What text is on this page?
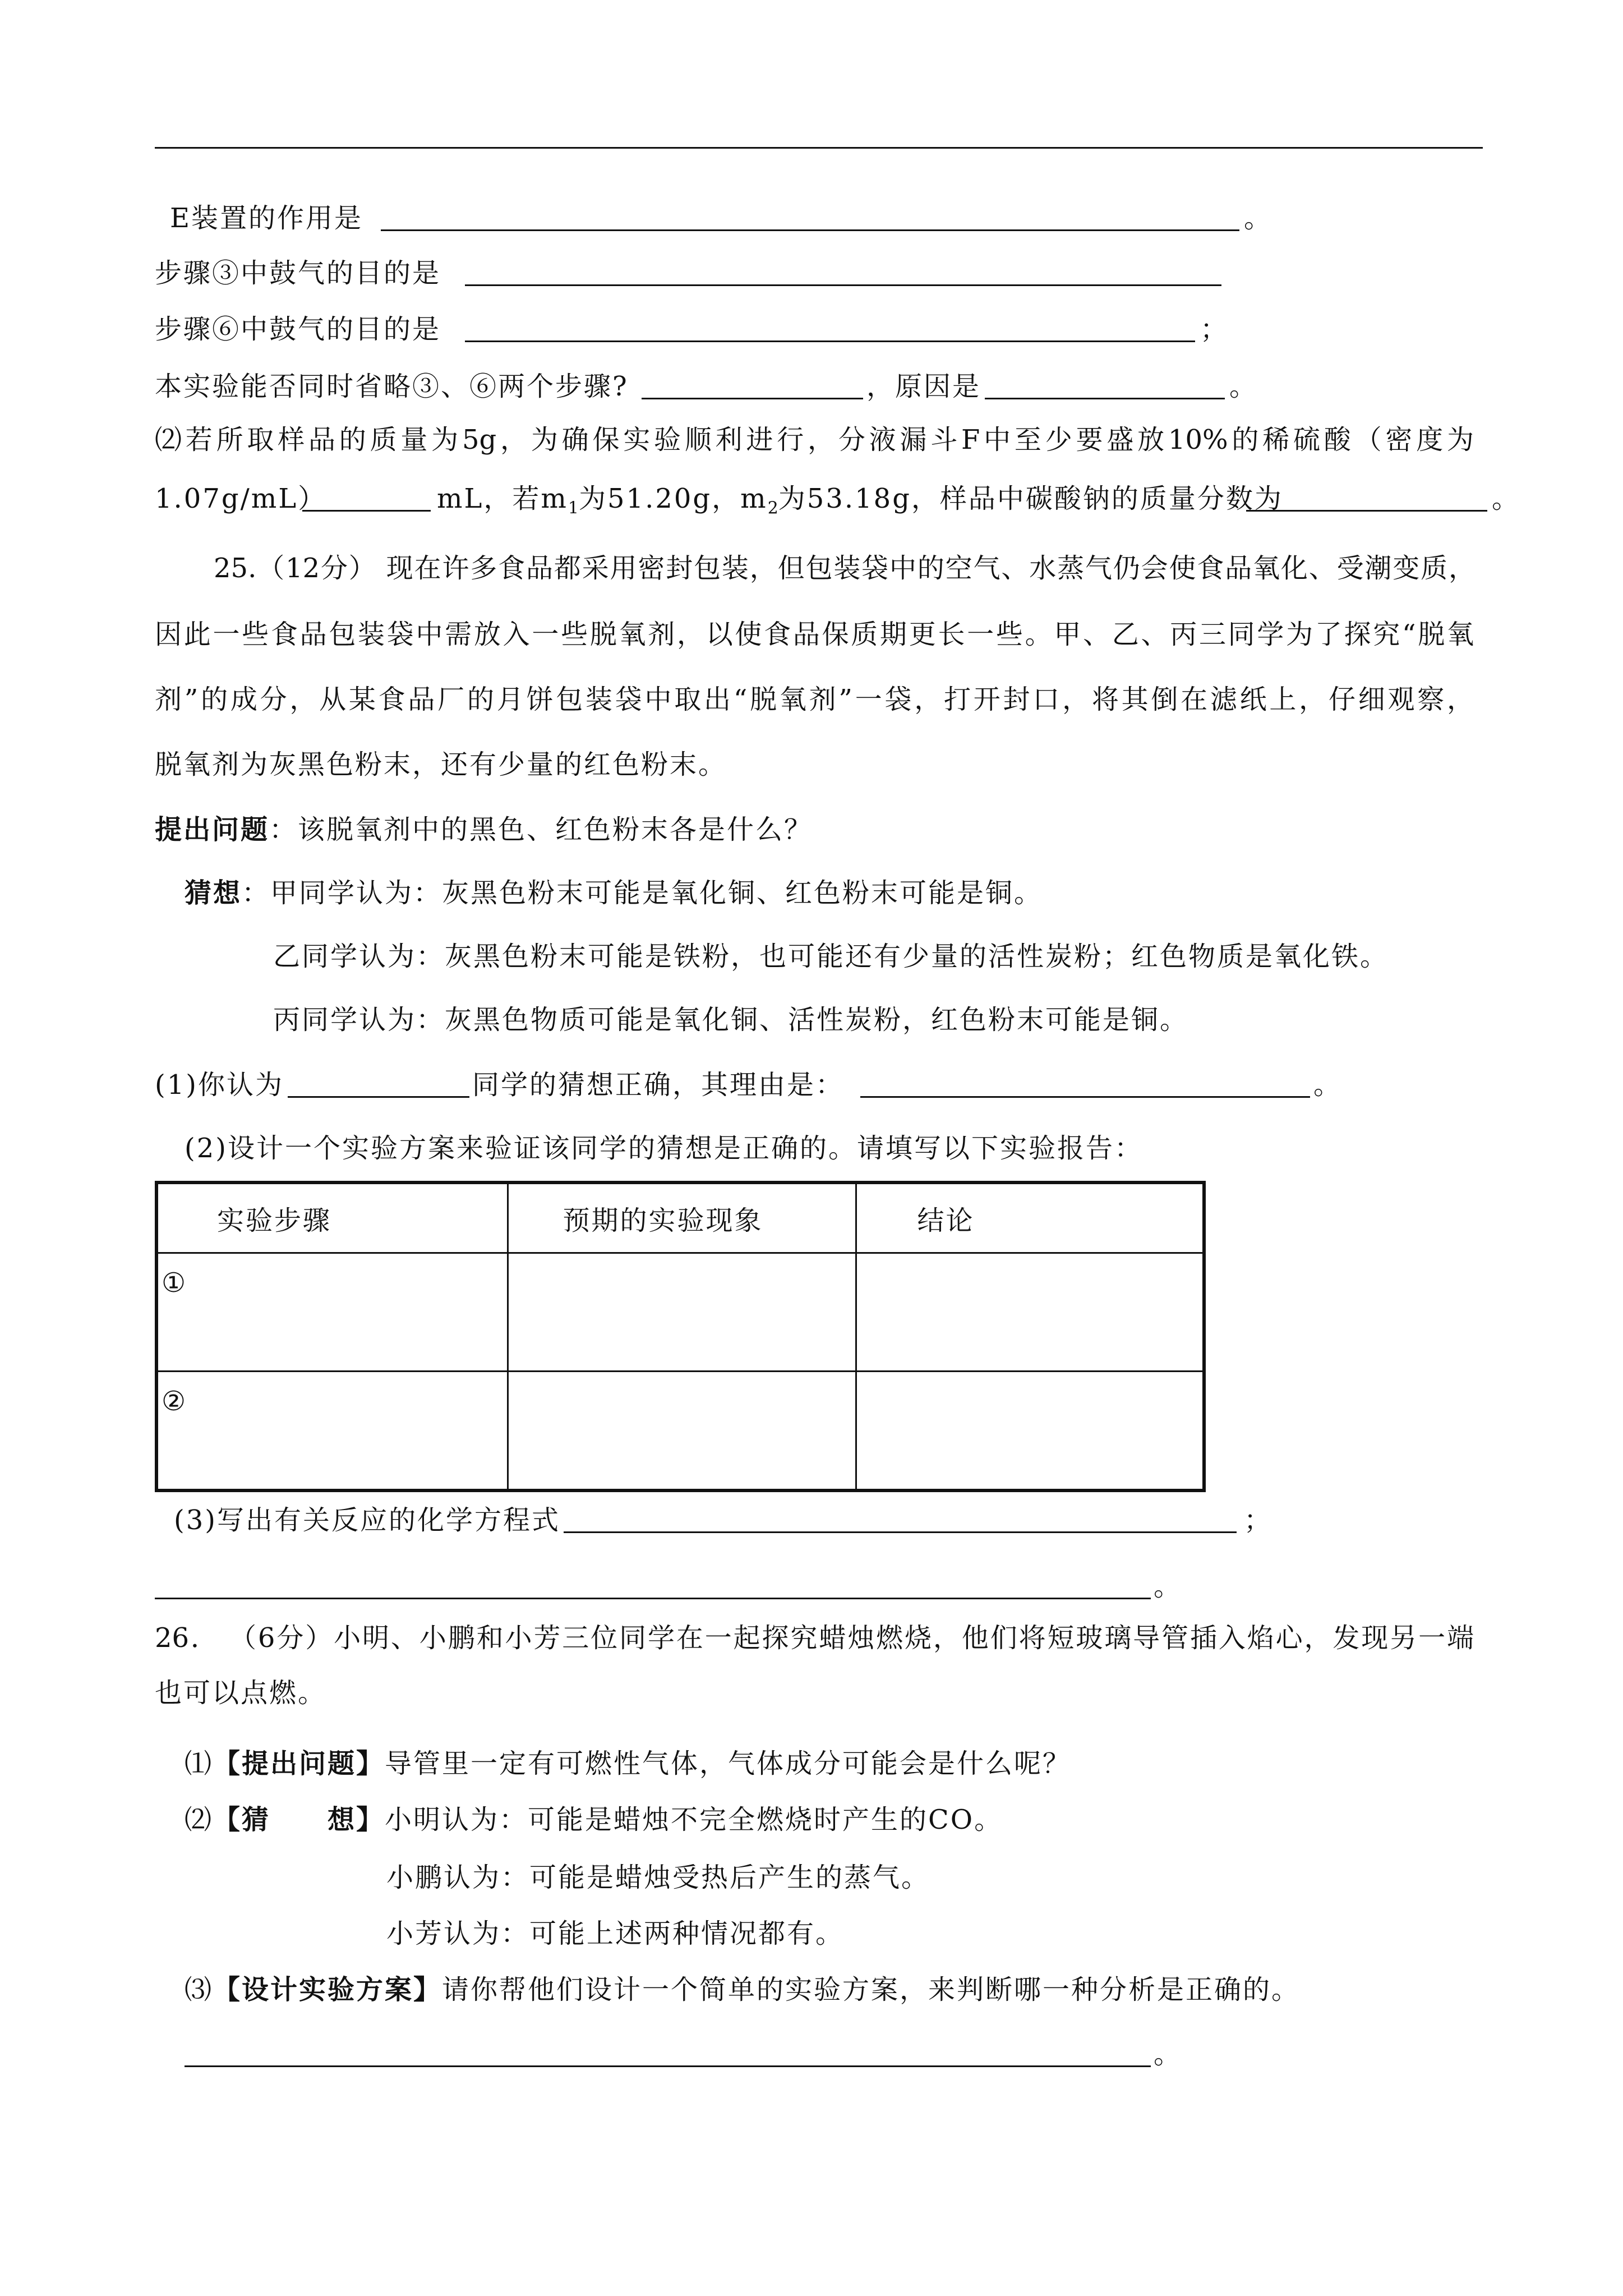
E装置的作用是	。
步骤③中鼓气的目的是
步骤⑥中鼓气的目的是	；
本实验能否同时省略③、⑥两个步骤?	，原因是	。
⑵若所取样品的质量为5g，为确保实验顺利进行，分液漏斗F中至少要盛放10%的稀硫酸（密度为
1.07g/mL）	mL，若$m_1$为51.20g，$m_2$为53.18g，样品中碳酸钠的质量分数为	。
25.（12分） 现在许多食品都采用密封包装，但包装袋中的空气、水蒸气仍会使食品氧化、受潮变质，
因此一些食品包装袋中需放入一些脱氧剂，以使食品保质期更长一些。甲、乙、丙三同学为了探究“脱氧
剂”的成分，从某食品厂的月饼包装袋中取出“脱氧剂”一袋，打开封口，将其倒在滤纸上，仔细观察，
脱氧剂为灰黑色粉末，还有少量的红色粉末。
提出问题：该脱氧剂中的黑色、红色粉末各是什么？
猜想：甲同学认为：灰黑色粉末可能是氧化铜、红色粉末可能是铜。
乙同学认为：灰黑色粉末可能是铁粉，也可能还有少量的活性炭粉；红色物质是氧化铁。
丙同学认为：灰黑色物质可能是氧化铜、活性炭粉，红色粉末可能是铜。
(1)你认为	同学的猜想正确，其理由是：	。
(2)设计一个实验方案来验证该同学的猜想是正确的。请填写以下实验报告：
实验步骤	预期的实验现象	结论

①		

②		

(3)写出有关反应的化学方程式	；
。
26． （6分）小明、小鹏和小芳三位同学在一起探究蜡烛燃烧，他们将短玻璃导管插入焰心，发现另一端
也可以点燃。
⑴【提出问题】导管里一定有可燃性气体，气体成分可能会是什么呢？
⑵【猜　　想】小明认为：可能是蜡烛不完全燃烧时产生的CO。
小鹏认为：可能是蜡烛受热后产生的蒸气。
小芳认为：可能上述两种情况都有。
⑶【设计实验方案】请你帮他们设计一个简单的实验方案，来判断哪一种分析是正确的。
。
